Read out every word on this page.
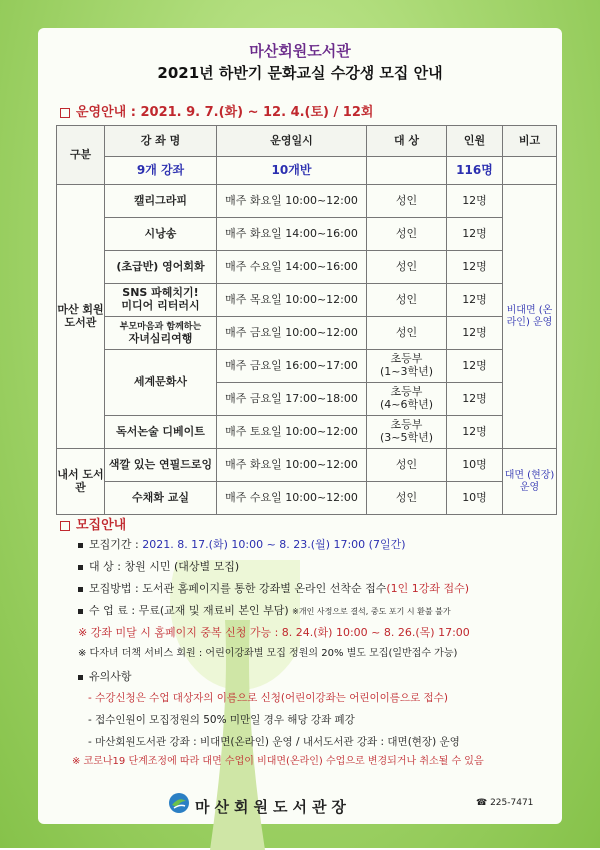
마산회원도서관
2021년 하반기 문화교실 수강생 모집 안내
운영안내 : 2021. 9. 7.(화) ~ 12. 4.(토) / 12회
구분	강 좌 명	운영일시	대 상	인원	비고
	9개 강좌	10개반		116명	
마산 회원 도서관	캘리그라피	매주 화요일 10:00~12:00	성인	12명	비대면 (온라인) 운영
	시낭송	매주 화요일 14:00~16:00	성인	12명	
	(초급반) 영어회화	매주 수요일 14:00~16:00	성인	12명	
	SNS 파헤치기!
미디어 리터러시	매주 목요일 10:00~12:00	성인	12명	
	부모마음과 함께하는
자녀심리여행	매주 금요일 10:00~12:00	성인	12명	
	세계문화사	매주 금요일 16:00~17:00	초등부
(1~3학년)	12명	
		매주 금요일 17:00~18:00	초등부
(4~6학년)	12명	
	독서논술 디베이트	매주 토요일 10:00~12:00	초등부
(3~5학년)	12명	
내서 도서관	색깔 있는 연필드로잉	매주 화요일 10:00~12:00	성인	10명	대면 (현장) 운영
	수채화 교실	매주 수요일 10:00~12:00	성인	10명	
모집안내
모집기간 : 2021. 8. 17.(화) 10:00 ~ 8. 23.(월) 17:00 (7일간)
대 상 : 창원 시민 (대상별 모집)
모집방법 : 도서관 홈페이지를 통한 강좌별 온라인 선착순 접수(1인 1강좌 접수)
수 업 료 : 무료(교재 및 재료비 본인 부담) ※개인 사정으로 결석, 중도 포기 시 환불 불가
※ 강좌 미달 시 홈페이지 중복 신청 가능 : 8. 24.(화) 10:00 ~ 8. 26.(목) 17:00
※ 다자녀 더책 서비스 회원 : 어린이강좌별 모집 정원의 20% 별도 모집(일반접수 가능)
유의사항
- 수강신청은 수업 대상자의 이름으로 신청(어린이강좌는 어린이이름으로 접수)
- 접수인원이 모집정원의 50% 미만일 경우 해당 강좌 폐강
- 마산회원도서관 강좌 : 비대면(온라인) 운영 / 내서도서관 강좌 : 대면(현장) 운영
※ 코로나19 단계조정에 따라 대면 수업이 비대면(온라인) 수업으로 변경되거나 취소될 수 있음
마산회원도서관장	☎ 225-7471
